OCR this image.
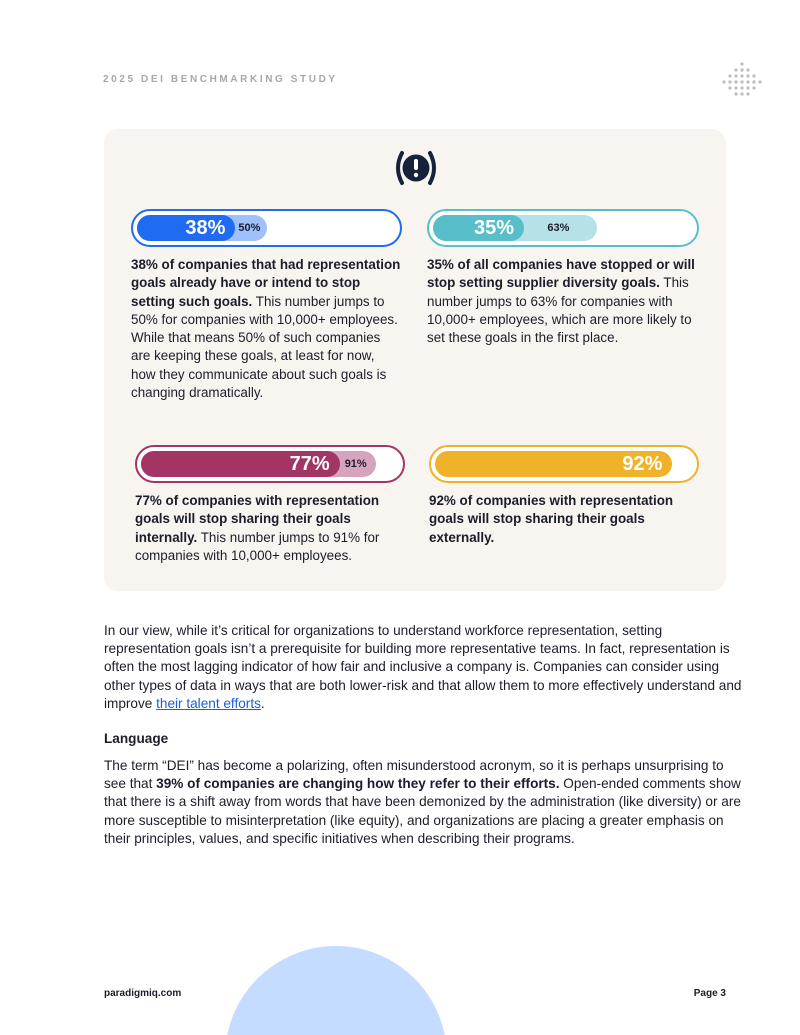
2025 DEI BENCHMARKING STUDY
38% 50%

38% of companies that had representation goals already have or intend to stop setting such goals. This number jumps to 50% for companies with 10,000+ employees. While that means 50% of such companies are keeping these goals, at least for now, how they communicate about such goals is changing dramatically.

35%	63%

35% of all companies have stopped or will stop setting supplier diversity goals. This number jumps to 63% for companies with 10,000+ employees, which are more likely to set these goals in the first place.

77%	91%

77% of companies with representation goals will stop sharing their goals internally. This number jumps to 91% for companies with 10,000+ employees.

92%

92% of companies with representation goals will stop sharing their goals externally.

In our view, while it’s critical for organizations to understand workforce representation, setting representation goals isn’t a prerequisite for building more representative teams. In fact, representation is often the most lagging indicator of how fair and inclusive a company is. Companies can consider using other types of data in ways that are both lower-risk and that allow them to more effectively understand and improve their talent efforts.

Language

The term “DEI” has become a polarizing, often misunderstood acronym, so it is perhaps unsurprising to see that 39% of companies are changing how they refer to their efforts. Open-ended comments show that there is a shift away from words that have been demonized by the administration (like diversity) or are more susceptible to misinterpretation (like equity), and organizations are placing a greater emphasis on their principles, values, and specific initiatives when describing their programs.

paradigmiq.com	Page 3
